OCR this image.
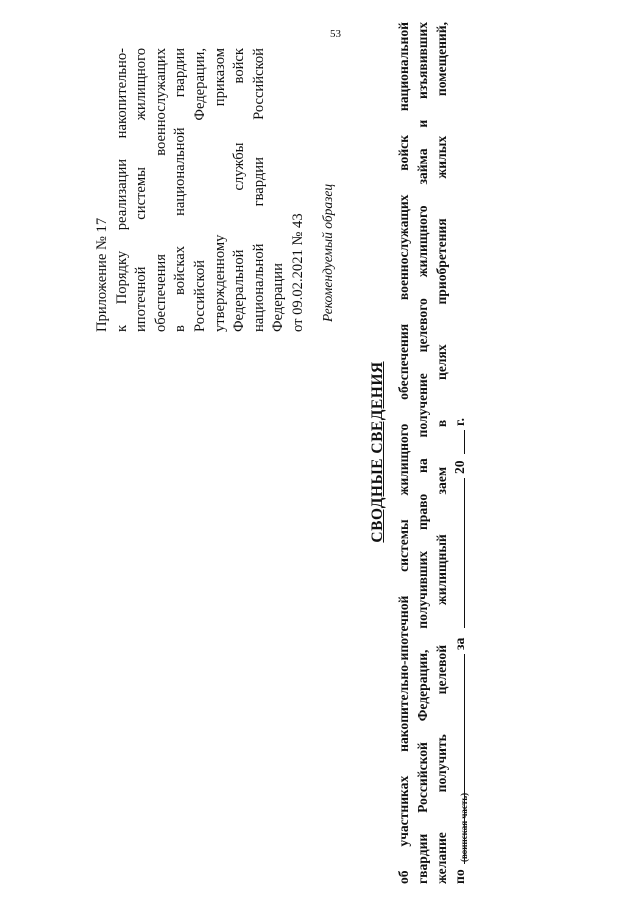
53
Приложение № 17 к Порядку реализации накопительно- ипотечной системы жилищного обеспечения военнослужащих в войсках национальной гвардии Российской Федерации, утвержденному приказом Федеральной службы войск национальной гвардии Российской Федерации от 09.02.2021 № 43 Рекомендуемый образец
СВОДНЫЕ СВЕДЕНИЯ об участниках накопительно-ипотечной системы жилищного обеспечения военнослужащих войск национальной гвардии Российской Федерации, получивших право на получение целевого жилищного займа и изъявивших желание получить целевой жилищный заем в целях приобретения жилых помещений, по
за
20
г.
(воинская часть)
